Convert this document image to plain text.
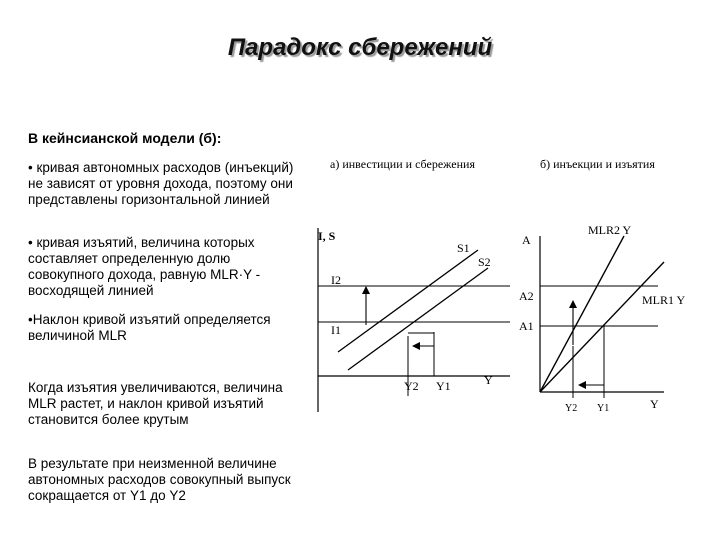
Парадокс сбережений
В кейнсианской модели (б):
• кривая автономных расходов (инъекций) не зависят от уровня дохода, поэтому они представлены горизонтальной линией
• кривая изъятий, величина которых составляет определенную долю совокупного дохода, равную MLR·Y - восходящей линией
•Наклон кривой изъятий определяется величиной MLR
Когда изъятия увеличиваются, величина MLR растет, и наклон кривой изъятий становится более крутым
В результате при неизменной величине автономных расходов совокупный выпуск сокращается от Y1 до Y2
а) инвестиции и сбережения
I, S
Y
I2
I1
S1
S2
Y2 Y1
б) инъекции и изъятия
A
Y
A2
A1
MLR2 Y
MLR1 Y
Y2 Y1
